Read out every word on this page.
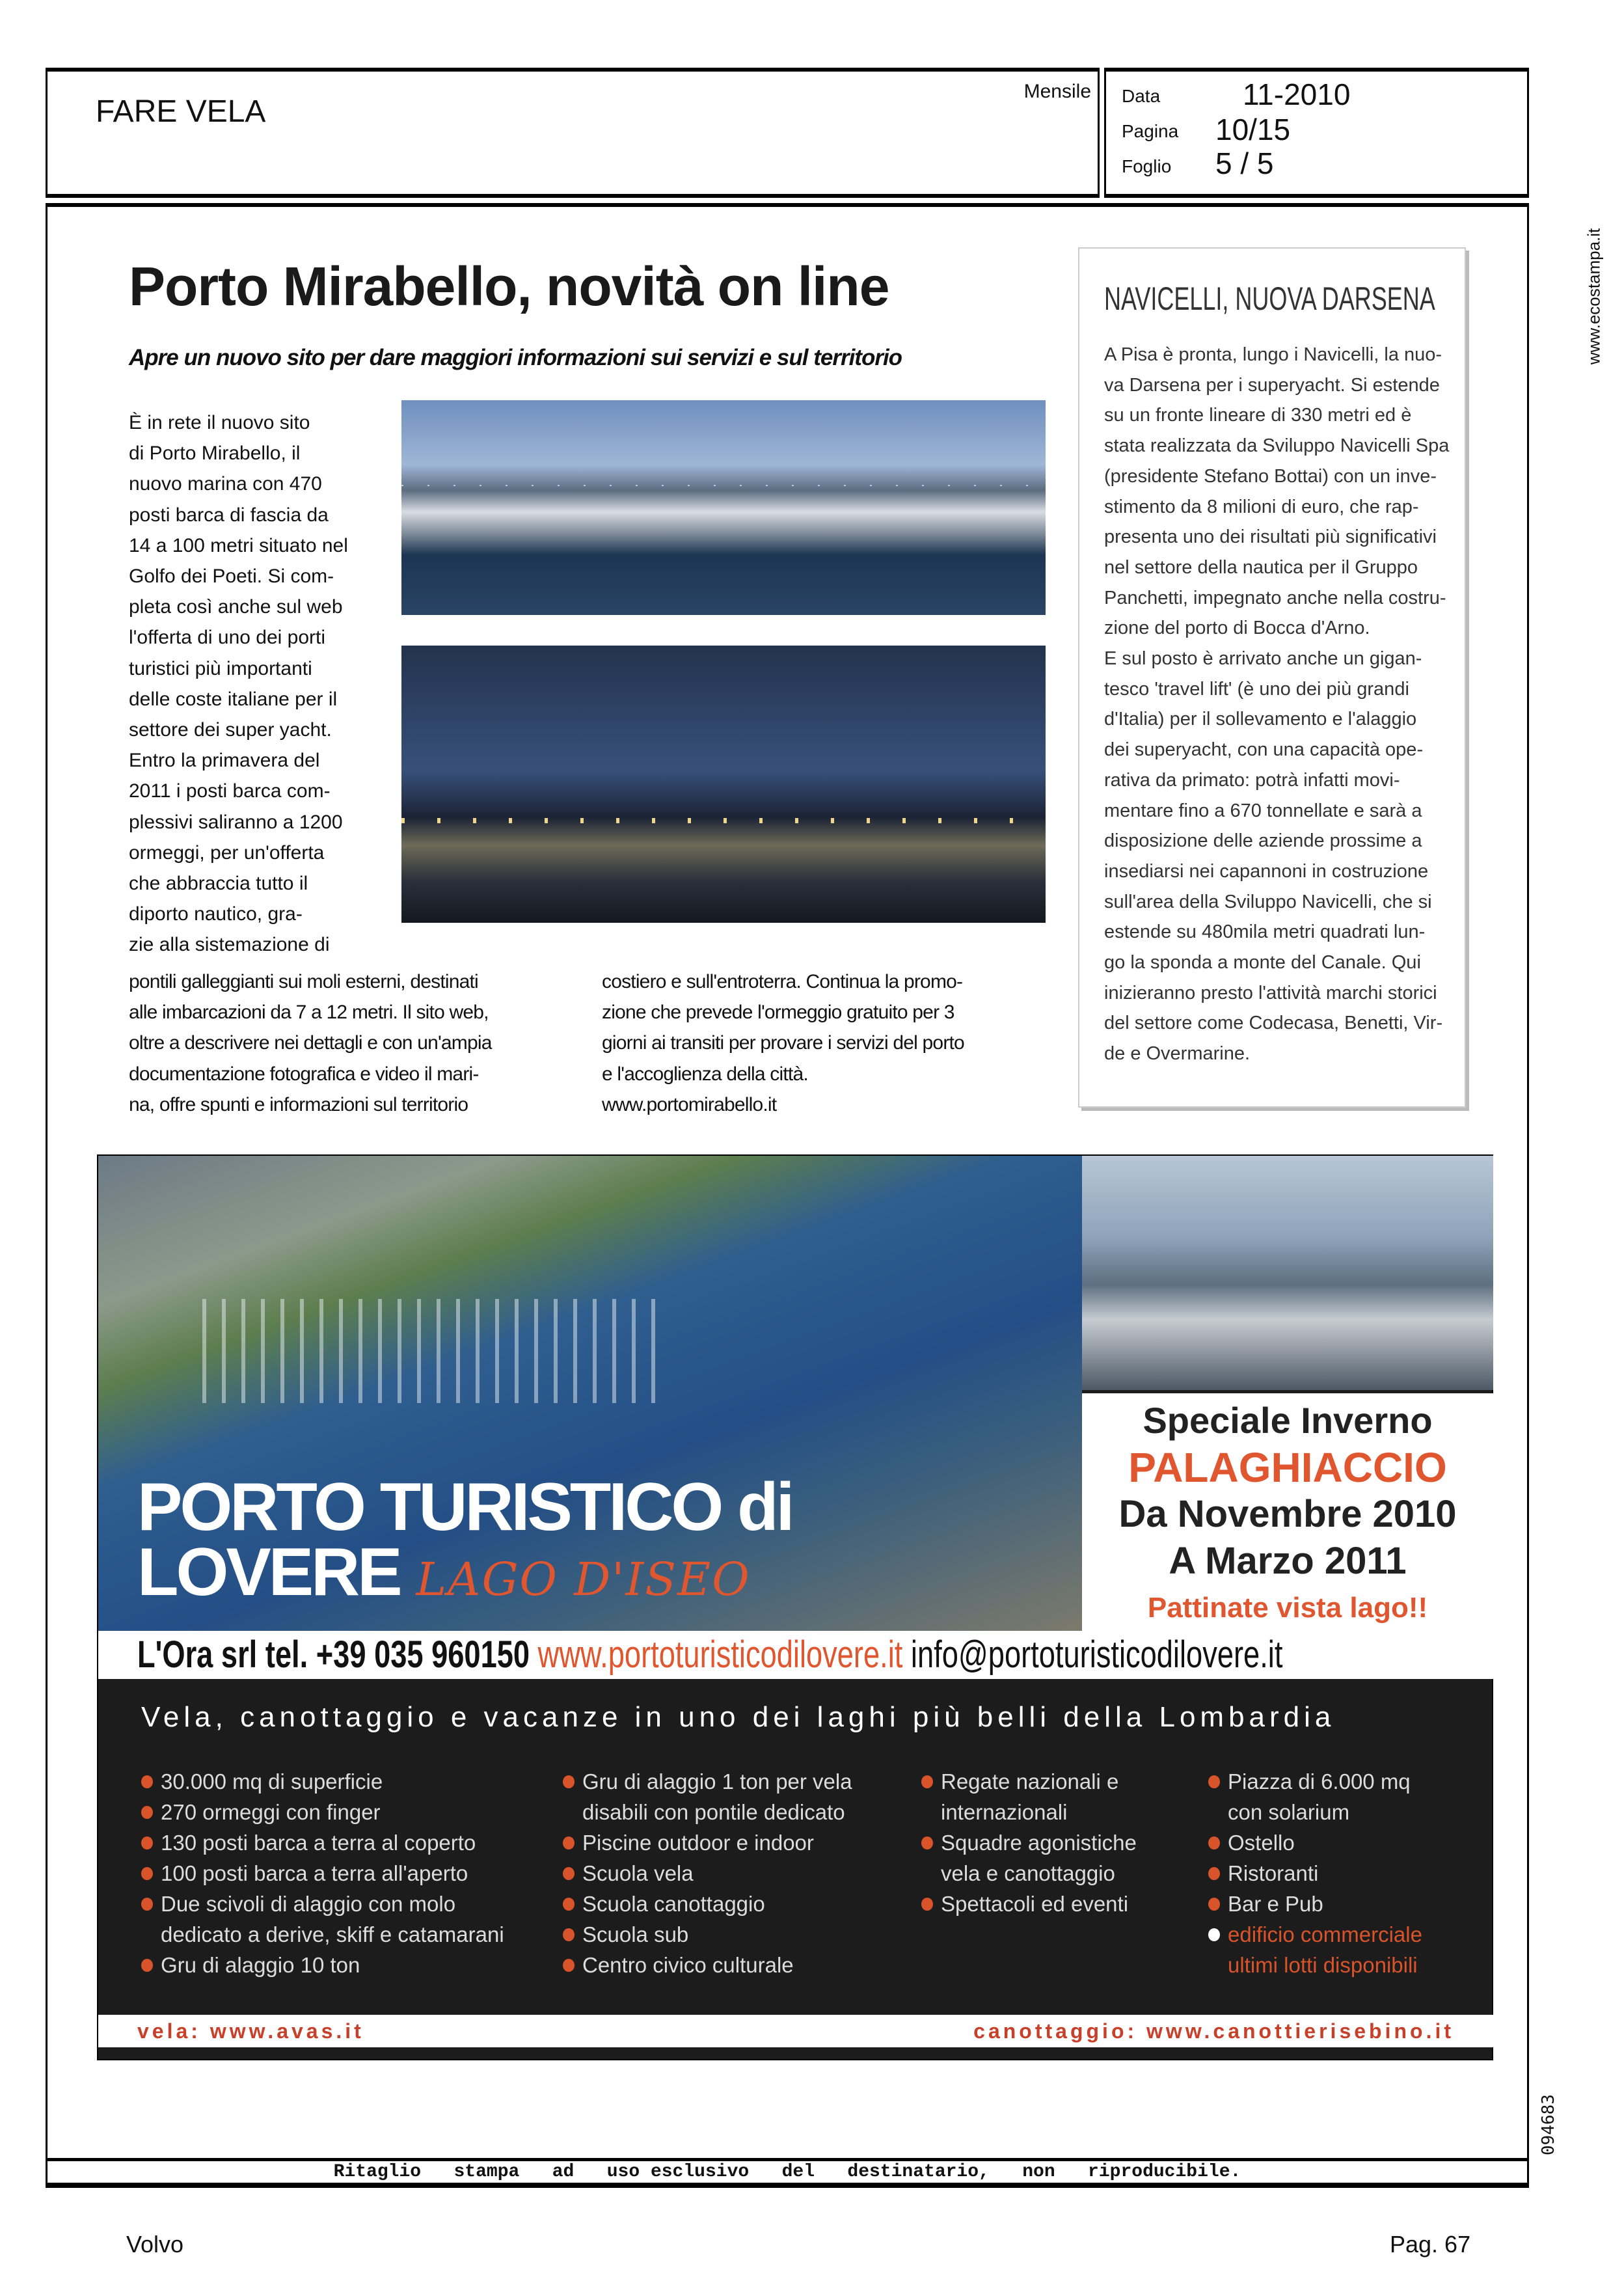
FARE VELA
Mensile Data	11-2010
Pagina 10/15
Foglio 5 / 5
www.ecostampa.it
094683
Ritaglio   stampa   ad   uso esclusivo   del   destinatario,   non   riproducibile.
Porto Mirabello, novità on line
Apre un nuovo sito per dare maggiori informazioni sui servizi e sul territorio
È in rete il nuovo sito
di Porto Mirabello, il
nuovo marina con 470
posti barca di fascia da
14 a 100 metri situato nel
Golfo dei Poeti. Si com-
pleta così anche sul web
l'offerta di uno dei porti
turistici più importanti
delle coste italiane per il
settore dei super yacht.
Entro la primavera del
2011 i posti barca com-
plessivi saliranno a 1200
ormeggi, per un'offerta
che abbraccia tutto il
diporto nautico, gra-
zie alla sistemazione di
pontili galleggianti sui moli esterni, destinati
alle imbarcazioni da 7 a 12 metri. Il sito web,
oltre a descrivere nei dettagli e con un'ampia
documentazione fotografica e video il mari-
na, offre spunti e informazioni sul territorio
costiero e sull'entroterra. Continua la promo-
zione che prevede l'ormeggio gratuito per 3
giorni ai transiti per provare i servizi del porto
e l'accoglienza della città.
www.portomirabello.it
NAVICELLI, NUOVA DARSENA
A Pisa è pronta, lungo i Navicelli, la nuo-
va Darsena per i superyacht. Si estende
su un fronte lineare di 330 metri ed è
stata realizzata da Sviluppo Navicelli Spa
(presidente Stefano Bottai) con un inve-
stimento da 8 milioni di euro, che rap-
presenta uno dei risultati più significativi
nel settore della nautica per il Gruppo
Panchetti, impegnato anche nella costru-
zione del porto di Bocca d'Arno.
E sul posto è arrivato anche un gigan-
tesco 'travel lift' (è uno dei più grandi
d'Italia) per il sollevamento e l'alaggio
dei superyacht, con una capacità ope-
rativa da primato: potrà infatti movi-
mentare fino a 670 tonnellate e sarà a
disposizione delle aziende prossime a
insediarsi nei capannoni in costruzione
sull'area della Sviluppo Navicelli, che si
estende su 480mila metri quadrati lun-
go la sponda a monte del Canale. Qui
inizieranno presto l'attività marchi storici
del settore come Codecasa, Benetti, Vir-
de e Overmarine.
PORTO TURISTICO di
LOVERE LAGO D'ISEO
Speciale Inverno
PALAGHIACCIO
Da Novembre 2010
A Marzo 2011
Pattinate vista lago!!
L'Ora srl tel. +39 035 960150 www.portoturisticodilovere.it info@portoturisticodilovere.it
Vela, canottaggio e vacanze in uno dei laghi più belli della Lombardia
30.000 mq di superficie
270 ormeggi con finger
130 posti barca a terra al coperto
100 posti barca a terra all'aperto
Due scivoli di alaggio con molo
dedicato a derive, skiff e catamarani
Gru di alaggio 10 ton
Gru di alaggio 1 ton per vela
disabili con pontile dedicato
Piscine outdoor e indoor
Scuola vela
Scuola canottaggio
Scuola sub
Centro civico culturale
Regate nazionali e
internazionali
Squadre agonistiche
vela e canottaggio
Spettacoli ed eventi
Piazza di 6.000 mq
con solarium
Ostello
Ristoranti
Bar e Pub
edificio commerciale
ultimi lotti disponibili
vela: www.avas.it	canottaggio: www.canottierisebino.it
Volvo	Pag. 67
